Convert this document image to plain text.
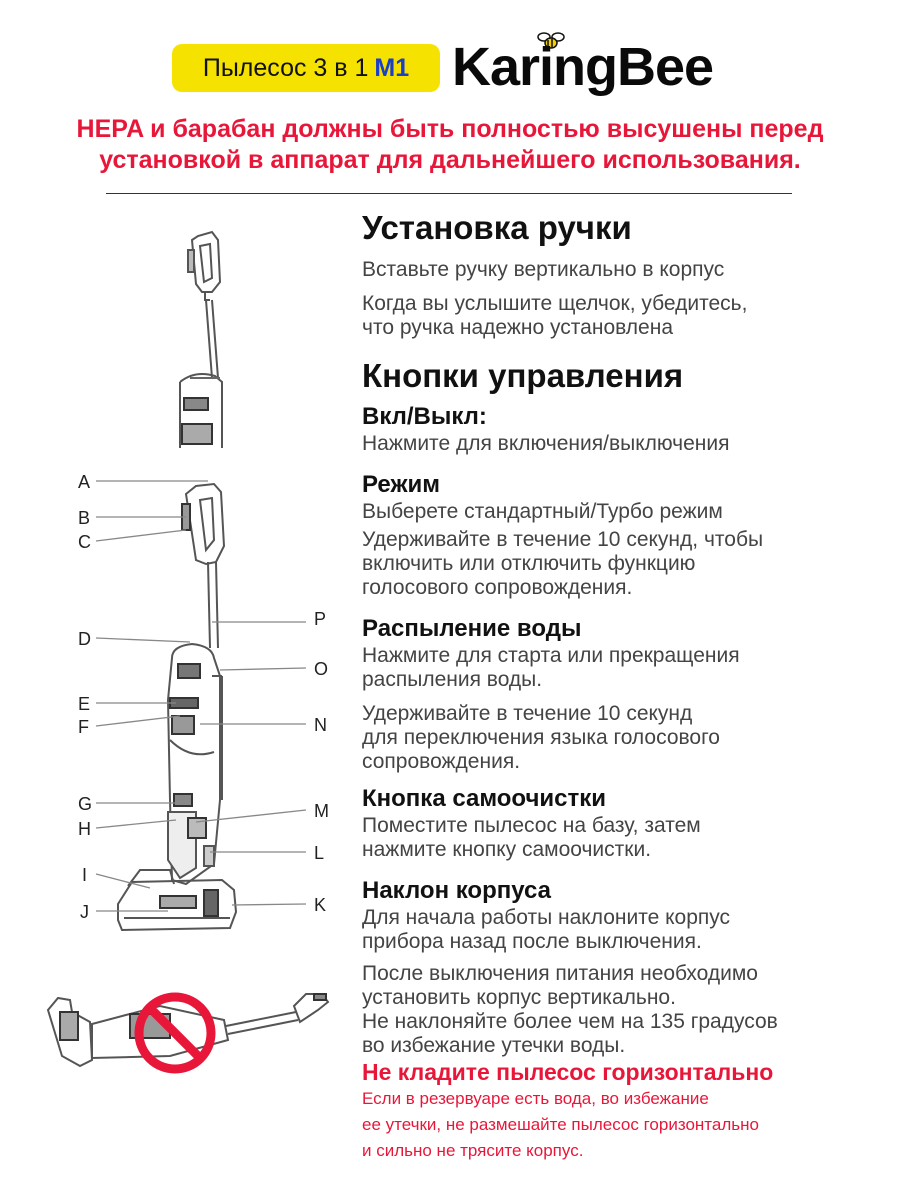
Пылесос 3 в 1 M1 KaringBee

HEPA и барабан должны быть полностью высушены перед
установкой в аппарат для дальнейшего использования.

Установка ручки

Вставьте ручку вертикально в корпус

Когда вы услышите щелчок, убедитесь,
что ручка надежно установлена

Кнопки управления

Вкл/Выкл:

Нажмите для включения/выключения

Режим

Выберете стандартный/Турбо режим

Удерживайте в течение 10 секунд, чтобы
включить или отключить функцию
голосового сопровождения.

Распыление воды

Нажмите для старта или прекращения
распыления воды.

Удерживайте в течение 10 секунд
для переключения языка голосового
сопровождения.

Кнопка самоочистки

Поместите пылесос на базу, затем
нажмите кнопку самоочистки.

Наклон корпуса

Для начала работы наклоните корпус
прибора назад после выключения.

После выключения питания необходимо
установить корпус вертикально.
Не наклоняйте более чем на 135 градусов
во избежание утечки воды.

Не кладите пылесос горизонтально

Если в резервуаре есть вода, во избежание
ее утечки, не размешайте пылесос горизонтально
и сильно не трясите корпус.

A
B
C
D
E
F
G
H
I
J
P
O
N
M
L
K
